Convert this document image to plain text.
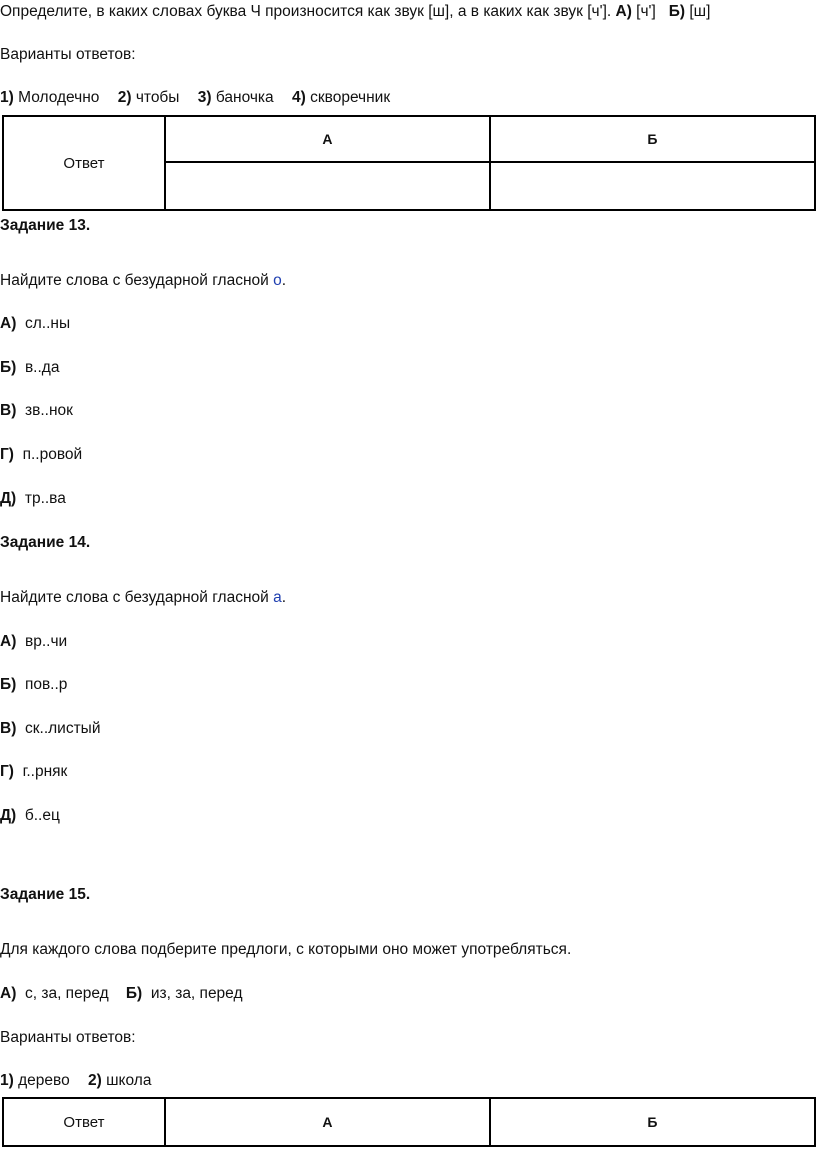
Определите, в каких словах буква Ч произносится как звук [ш], а в каких как звук [ч']. А) [ч'] Б) [ш]
Варианты ответов:
1) Молодечно 2) чтобы 3) баночка 4) скворечник
Ответ	А	Б

Задание 13.
Найдите слова с безударной гласной о.
А) сл..ны
Б) в..да
В) зв..нок
Г) п..ровой
Д) тр..ва
Задание 14.
Найдите слова с безударной гласной а.
А) вр..чи
Б) пов..р
В) ск..листый
Г) г..рняк
Д) б..ец
Задание 15.
Для каждого слова подберите предлоги, с которыми оно может употребляться.
А) с, за, перед Б) из, за, перед
Варианты ответов:
1) дерево 2) школа
Ответ	А	Б
